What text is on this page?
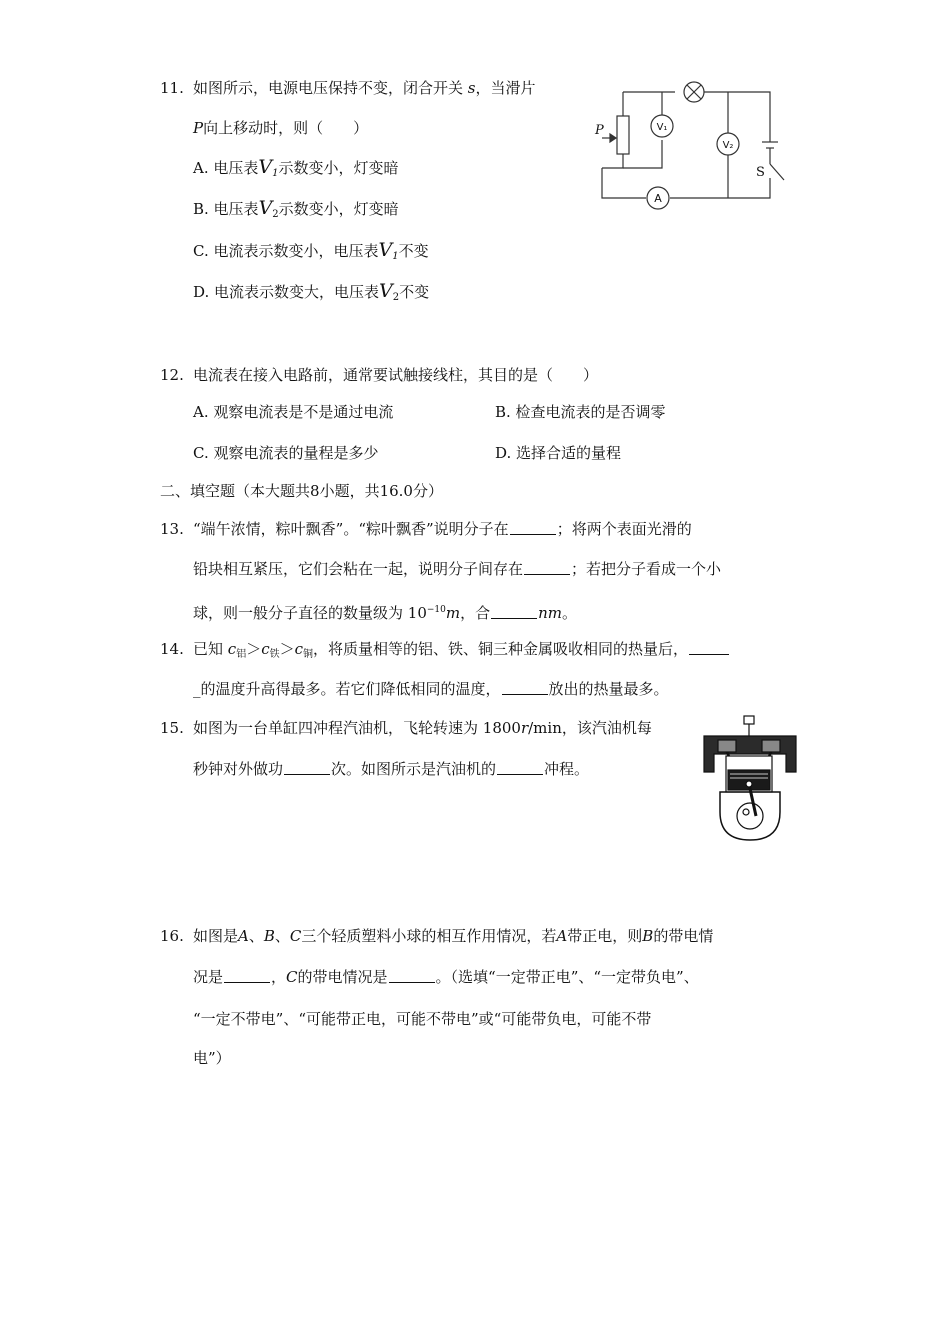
11. 如图所示，电源电压保持不变，闭合开关 s，当滑片
P向上移动时，则（　　）
A. 电压表$V_1$示数变小，灯变暗
B. 电压表$V_2$示数变小，灯变暗
C. 电流表示数变小，电压表$V_1$不变
D. 电流表示数变大，电压表$V_2$不变
P	V₁
V₂
A
S
12. 电流表在接入电路前，通常要试触接线柱，其目的是（　　）
A. 观察电流表是不是通过电流	B. 检查电流表的是否调零
C. 观察电流表的量程是多少	D. 选择合适的量程
二、填空题（本大题共8小题，共16.0分）
13. “端午浓情，粽叶飘香”。“粽叶飘香”说明分子在	；将两个表面光滑的
铅块相互紧压，它们会粘在一起，说明分子间存在	；若把分子看成一个小
球，则一般分子直径的数量级为 $10^{-10}m$，合	nm。
14. 已知 $c_铝>c_铁>c_铜$，将质量相等的铝、铁、铜三种金属吸收相同的热量后，
_的温度升高得最多。若它们降低相同的温度，	放出的热量最多。
15. 如图为一台单缸四冲程汽油机，飞轮转速为 1800r/min，该汽油机每
秒钟对外做功	次。如图所示是汽油机的	冲程。
16. 如图是A、B、C三个轻质塑料小球的相互作用情况，若A带正电，则B的带电情
况是	，C的带电情况是	。（选填“一定带正电”、“一定带负电”、
“一定不带电”、“可能带正电，可能不带电”或“可能带负电，可能不带
电”）
